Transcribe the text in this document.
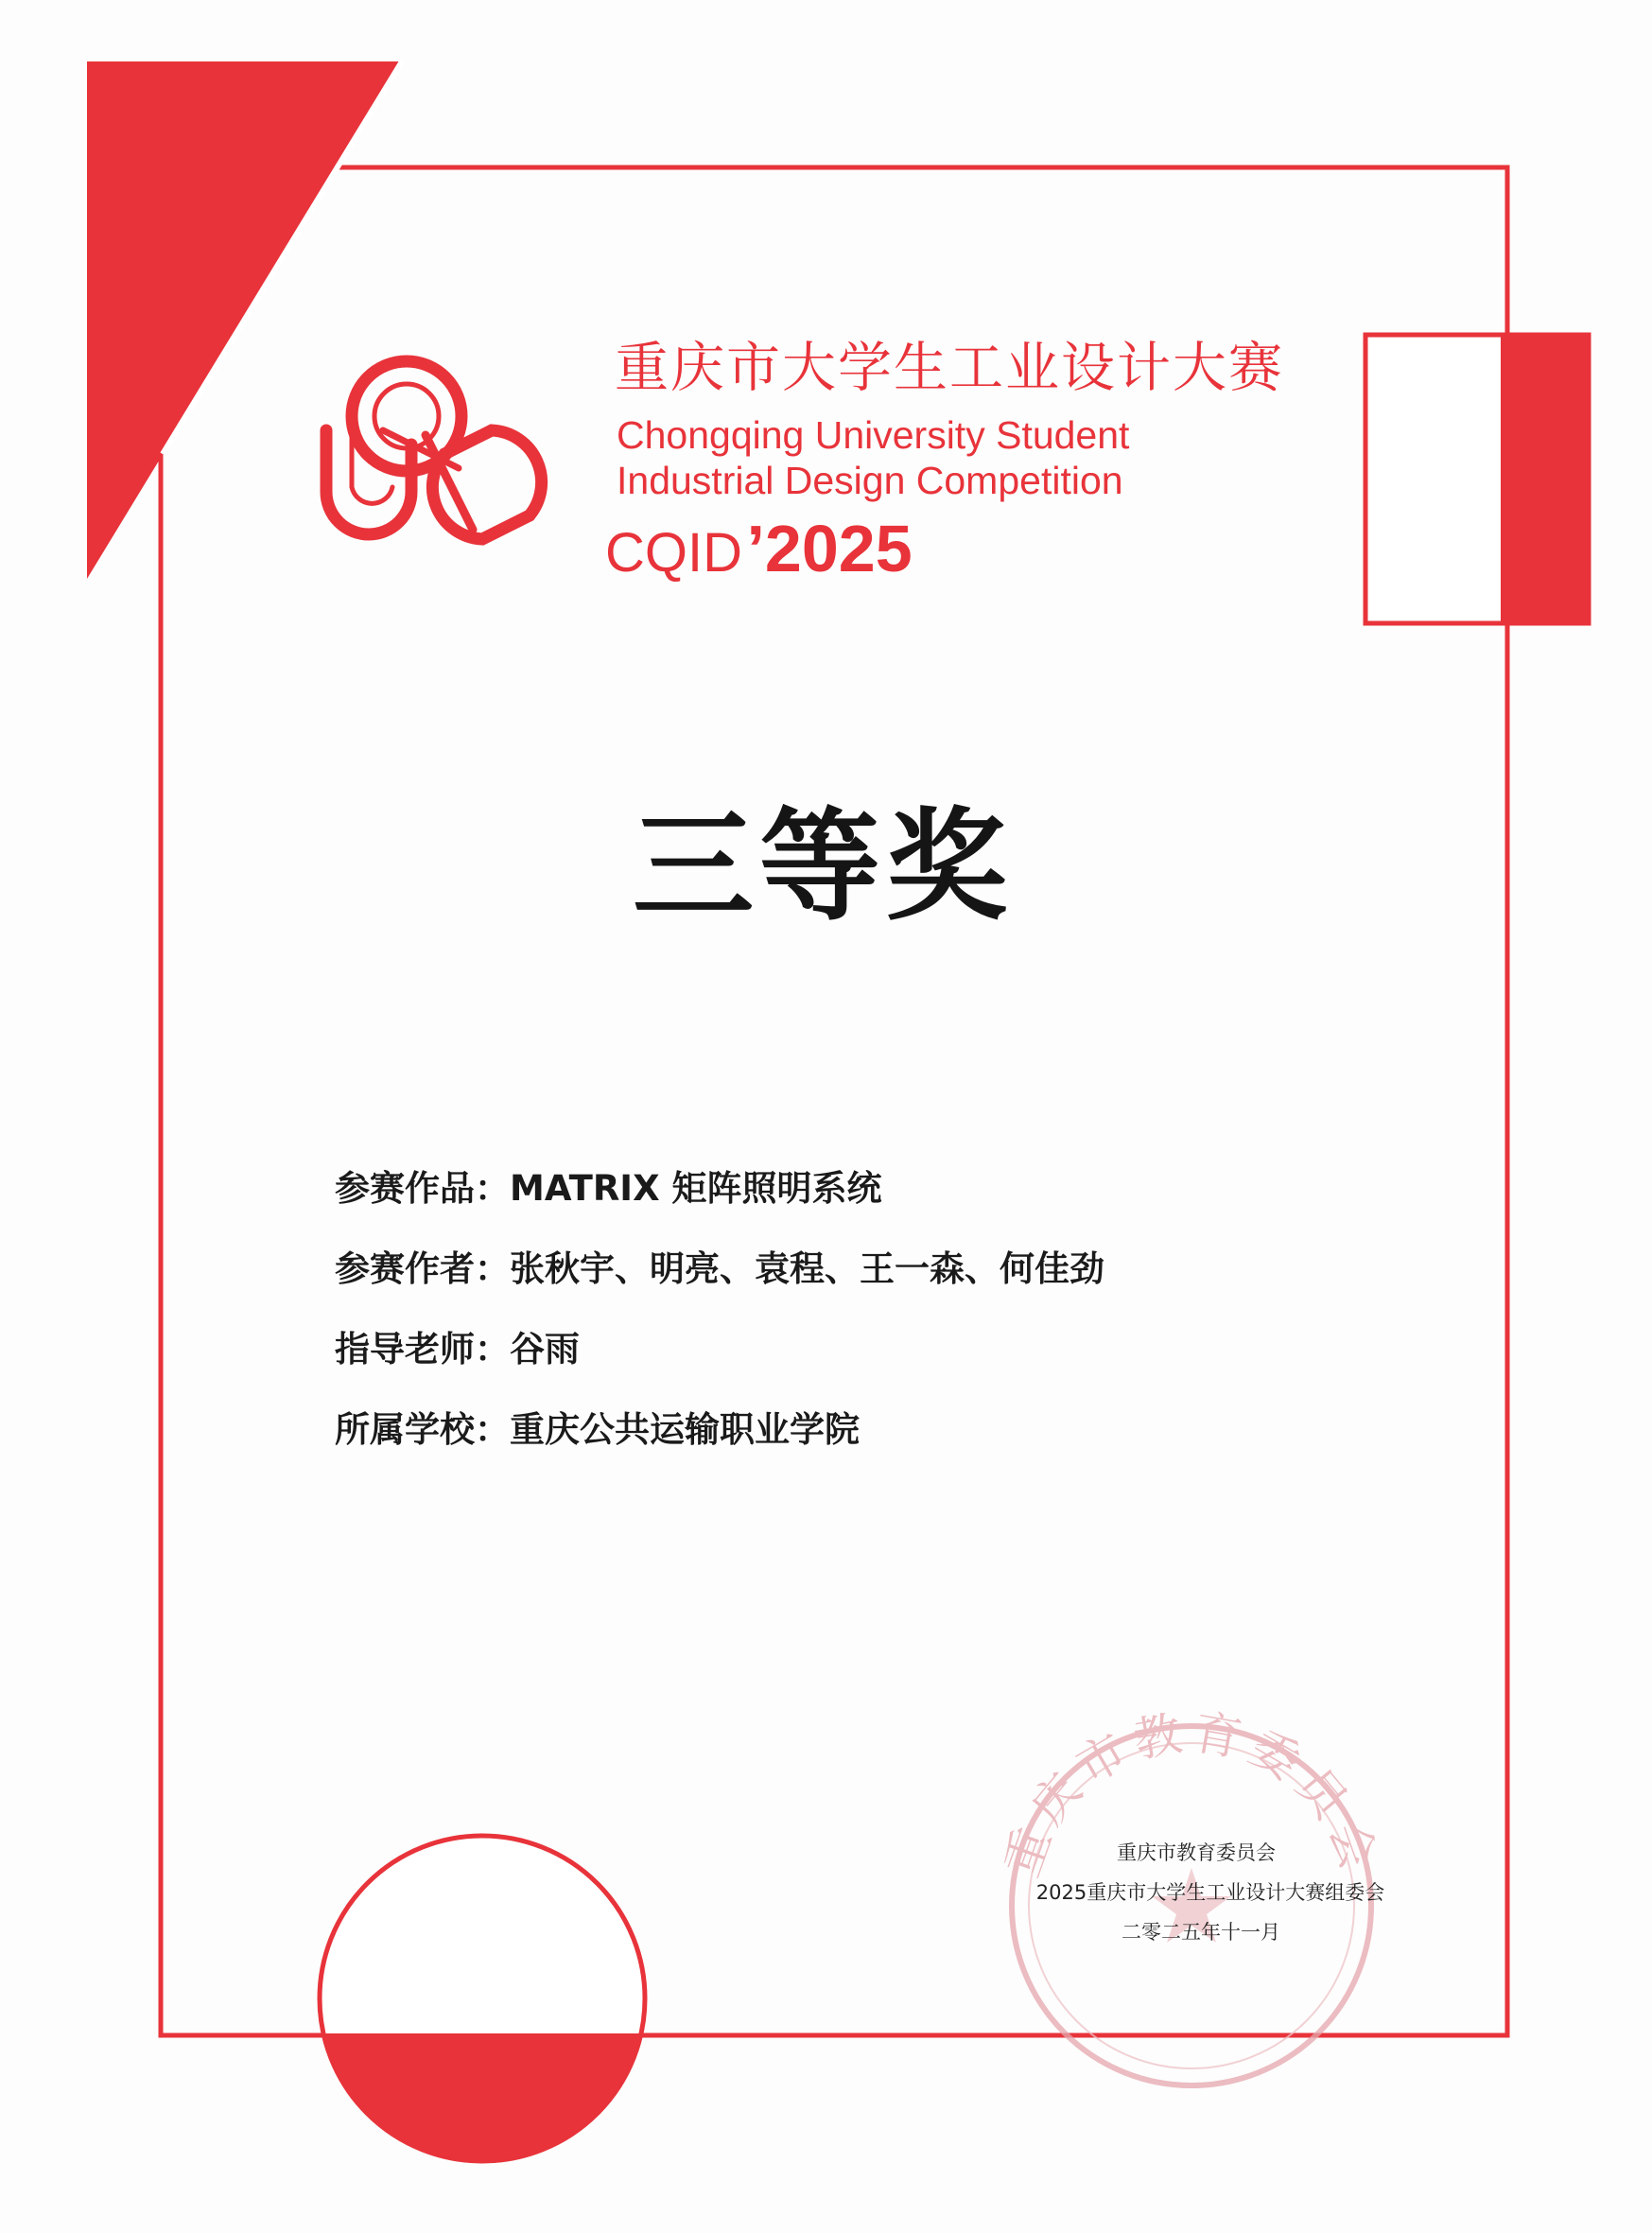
重庆市教育委员会
重庆市大学生工业设计大赛
Chongqing University Student
Industrial Design Competition
CQID ’2025
三等奖
参赛作品：MATRIX 矩阵照明系统
参赛作者：张秋宇、明亮、袁程、王一森、何佳劲
指导老师：谷雨
所属学校：重庆公共运输职业学院
重庆市教育委员会
2025重庆市大学生工业设计大赛组委会
二零二五年十一月
